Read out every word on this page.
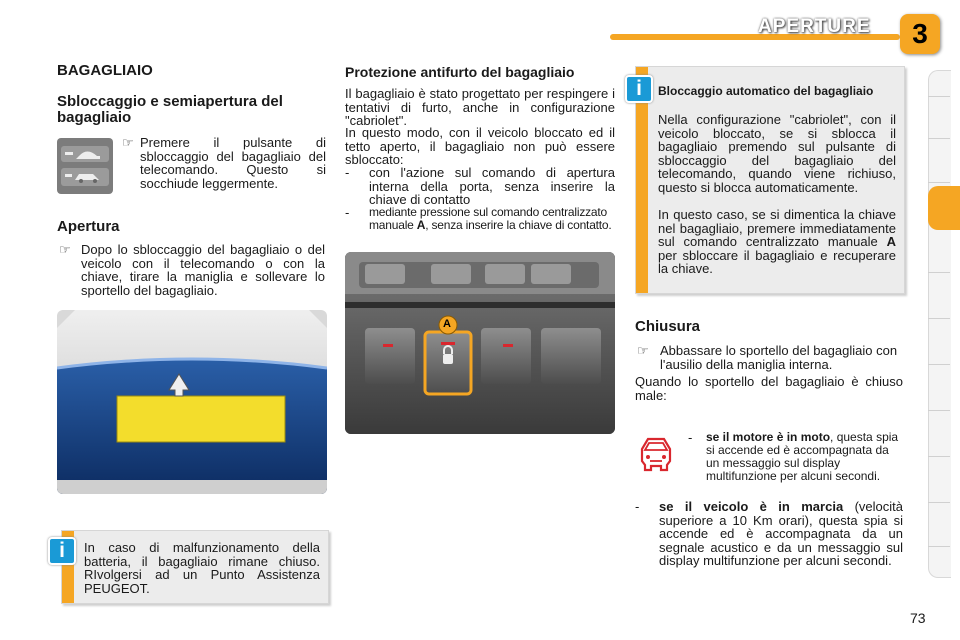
APERTURE	3
BAGAGLIAIO
Sbloccaggio e semiapertura del bagagliaio
☞ Premere il pulsante di sbloccaggio del bagagliaio del telecomando. Questo si socchiude leggermente.
Apertura
☞ Dopo lo sbloccaggio del bagagliaio o del veicolo con il telecomando o con la chiave, tirare la maniglia e sollevare lo sportello del bagagliaio.
In caso di malfunzionamento della batteria, il bagagliaio rimane chiuso. RIvolgersi ad un Punto Assistenza PEUGEOT.
i
Protezione antifurto del bagagliaio
Il bagagliaio è stato progettato per respingere i tentativi di furto, anche in configurazione "cabriolet".
In questo modo, con il veicolo bloccato ed il tetto aperto, il bagagliaio non può essere sbloccato:
- con l'azione sul comando di apertura interna della porta, senza inserire la chiave di contatto
- mediante pressione sul comando centralizzato manuale A, senza inserire la chiave di contatto.
A
Bloccaggio automatico del bagagliaio
Nella configurazione "cabriolet", con il veicolo bloccato, se si sblocca il bagagliaio premendo sul pulsante di sbloccaggio del bagagliaio del telecomando, quando viene richiuso, questo si blocca automaticamente.
In questo caso, se si dimentica la chiave nel bagagliaio, premere immediatamente sul comando centralizzato manuale A per sbloccare il bagagliaio e recuperare la chiave.
i
Chiusura
☞ Abbassare lo sportello del bagagliaio con l'ausilio della maniglia interna.
Quando lo sportello del bagagliaio è chiuso male:
- se il motore è in moto, questa spia si accende ed è accompagnata da un messaggio sul display multifunzione per alcuni secondi.
- se il veicolo è in marcia (velocità superiore a 10 Km orari), questa spia si accende ed è accompagnata da un segnale acustico e da un messaggio sul display multifunzione per alcuni secondi.
73
